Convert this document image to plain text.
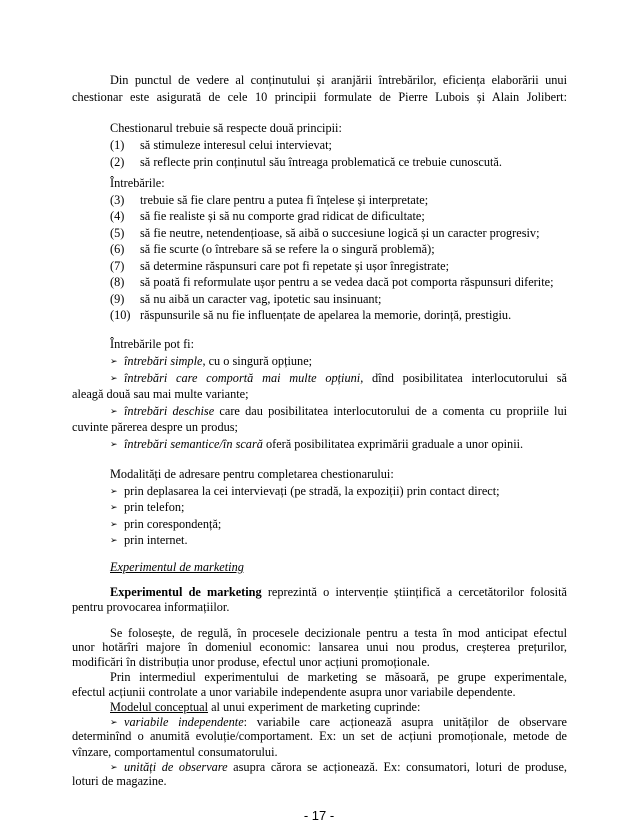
Din punctul de vedere al conținutului și aranjării întrebărilor, eficiența elaborării unui
chestionar este asigurată de cele 10 principii formulate de Pierre Lubois și Alain Jolibert:
Chestionarul trebuie să respecte două principii:
(1) să stimuleze interesul celui intervievat;
(2) să reflecte prin conținutul său întreaga problematică ce trebuie cunoscută.
Întrebările:
(3) trebuie să fie clare pentru a putea fi înțelese și interpretate;
(4) să fie realiste și să nu comporte grad ridicat de dificultate;
(5) să fie neutre, netendențioase, să aibă o succesiune logică și un caracter progresiv;
(6) să fie scurte (o întrebare să se refere la o singură problemă);
(7) să determine răspunsuri care pot fi repetate și ușor înregistrate;
(8) să poată fi reformulate ușor pentru a se vedea dacă pot comporta răspunsuri diferite;
(9) să nu aibă un caracter vag, ipotetic sau insinuant;
(10) răspunsurile să nu fie influențate de apelarea la memorie, dorință, prestigiu.
Întrebările pot fi:
➢ întrebări simple, cu o singură opțiune;
➢ întrebări care comportă mai multe opțiuni, dînd posibilitatea interlocutorului să
aleagă două sau mai multe variante;
➢ întrebări deschise care dau posibilitatea interlocutorului de a comenta cu propriile lui
cuvinte părerea despre un produs;
➢ întrebări semantice/în scară oferă posibilitatea exprimării graduale a unor opinii.
Modalități de adresare pentru completarea chestionarului:
➢ prin deplasarea la cei intervievați (pe stradă, la expoziții) prin contact direct;
➢ prin telefon;
➢ prin corespondență;
➢ prin internet.
Experimentul de marketing
Experimentul de marketing reprezintă o intervenție științifică a cercetătorilor folosită
pentru provocarea informațiilor.
Se folosește, de regulă, în procesele decizionale pentru a testa în mod anticipat efectul
unor hotărîri majore în domeniul economic: lansarea unui nou produs, creșterea prețurilor,
modificări în distribuția unor produse, efectul unor acțiuni promoționale.
Prin intermediul experimentului de marketing se măsoară, pe grupe experimentale,
efectul acțiunii controlate a unor variabile independente asupra unor variabile dependente.
Modelul conceptual al unui experiment de marketing cuprinde:
➢ variabile independente: variabile care acționează asupra unităților de observare
determinînd o anumită evoluție/comportament. Ex: un set de acțiuni promoționale, metode de
vînzare, comportamentul consumatorului.
➢ unități de observare asupra cărora se acționează. Ex: consumatori, loturi de produse,
loturi de magazine.
- 17 -
